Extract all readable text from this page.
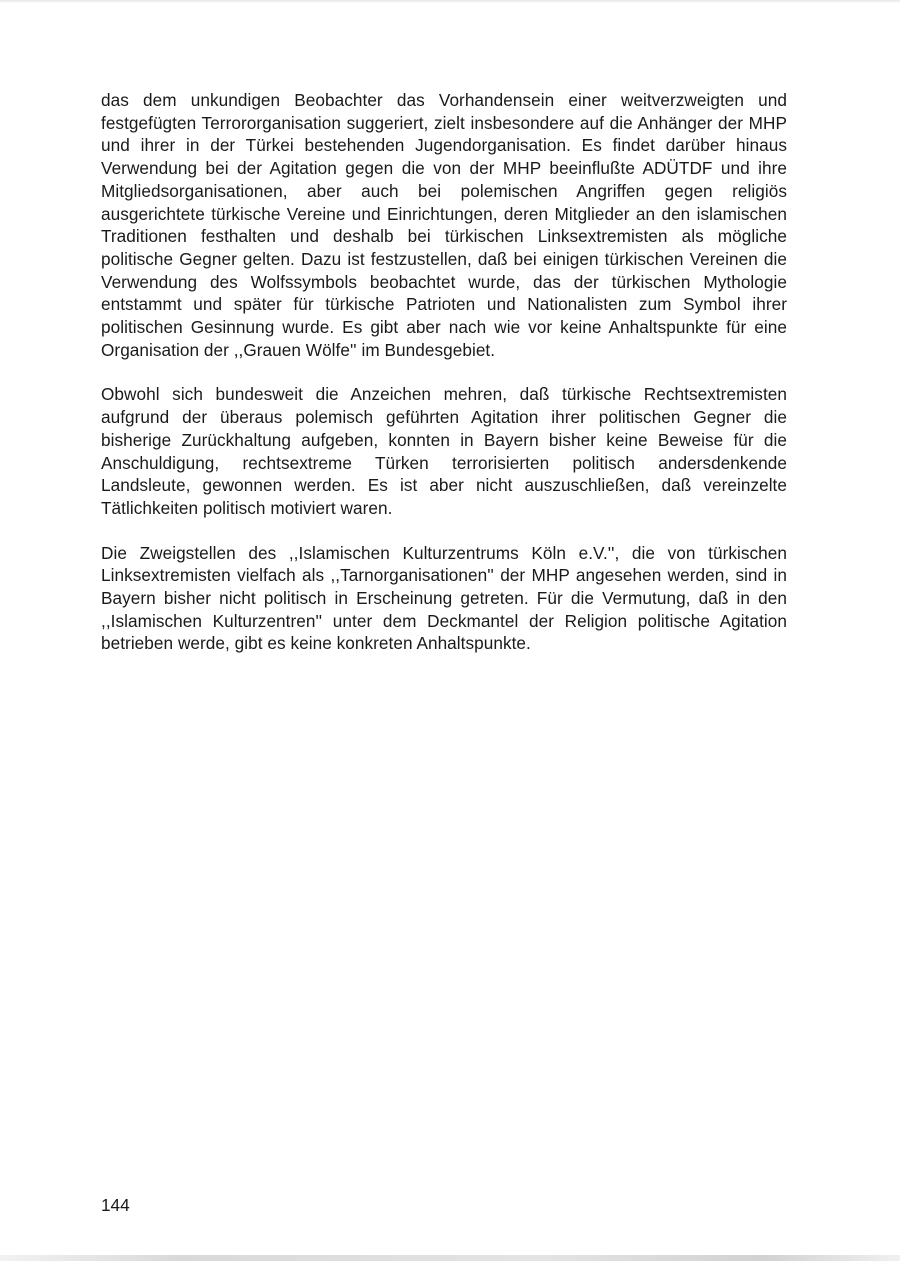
das dem unkundigen Beobachter das Vorhandensein einer weitverzweigten und festgefügten Terrororganisation suggeriert, zielt insbesondere auf die Anhänger der MHP und ihrer in der Türkei bestehenden Jugendorganisation. Es findet darüber hinaus Verwendung bei der Agitation gegen die von der MHP beeinflußte ADÜTDF und ihre Mitgliedsorganisationen, aber auch bei polemischen Angriffen gegen religiös ausgerichtete türkische Vereine und Einrichtungen, deren Mitglieder an den islamischen Traditionen festhalten und deshalb bei türkischen Linksextremisten als mögliche politische Gegner gelten. Dazu ist festzustellen, daß bei einigen türkischen Vereinen die Verwendung des Wolfssymbols beobachtet wurde, das der türkischen Mythologie entstammt und später für türkische Patrioten und Nationalisten zum Symbol ihrer politischen Gesinnung wurde. Es gibt aber nach wie vor keine Anhaltspunkte für eine Organisation der ,,Grauen Wölfe'' im Bundesgebiet.

Obwohl sich bundesweit die Anzeichen mehren, daß türkische Rechtsextremisten aufgrund der überaus polemisch geführten Agitation ihrer politischen Gegner die bisherige Zurückhaltung aufgeben, konnten in Bayern bisher keine Beweise für die Anschuldigung, rechtsextreme Türken terrorisierten politisch andersdenkende Landsleute, gewonnen werden. Es ist aber nicht auszuschließen, daß vereinzelte Tätlichkeiten politisch motiviert waren.

Die Zweigstellen des ,,Islamischen Kulturzentrums Köln e.V.'', die von türkischen Linksextremisten vielfach als ,,Tarnorganisationen'' der MHP angesehen werden, sind in Bayern bisher nicht politisch in Erscheinung getreten. Für die Vermutung, daß in den ,,Islamischen Kulturzentren'' unter dem Deckmantel der Religion politische Agitation betrieben werde, gibt es keine konkreten Anhaltspunkte.

144
